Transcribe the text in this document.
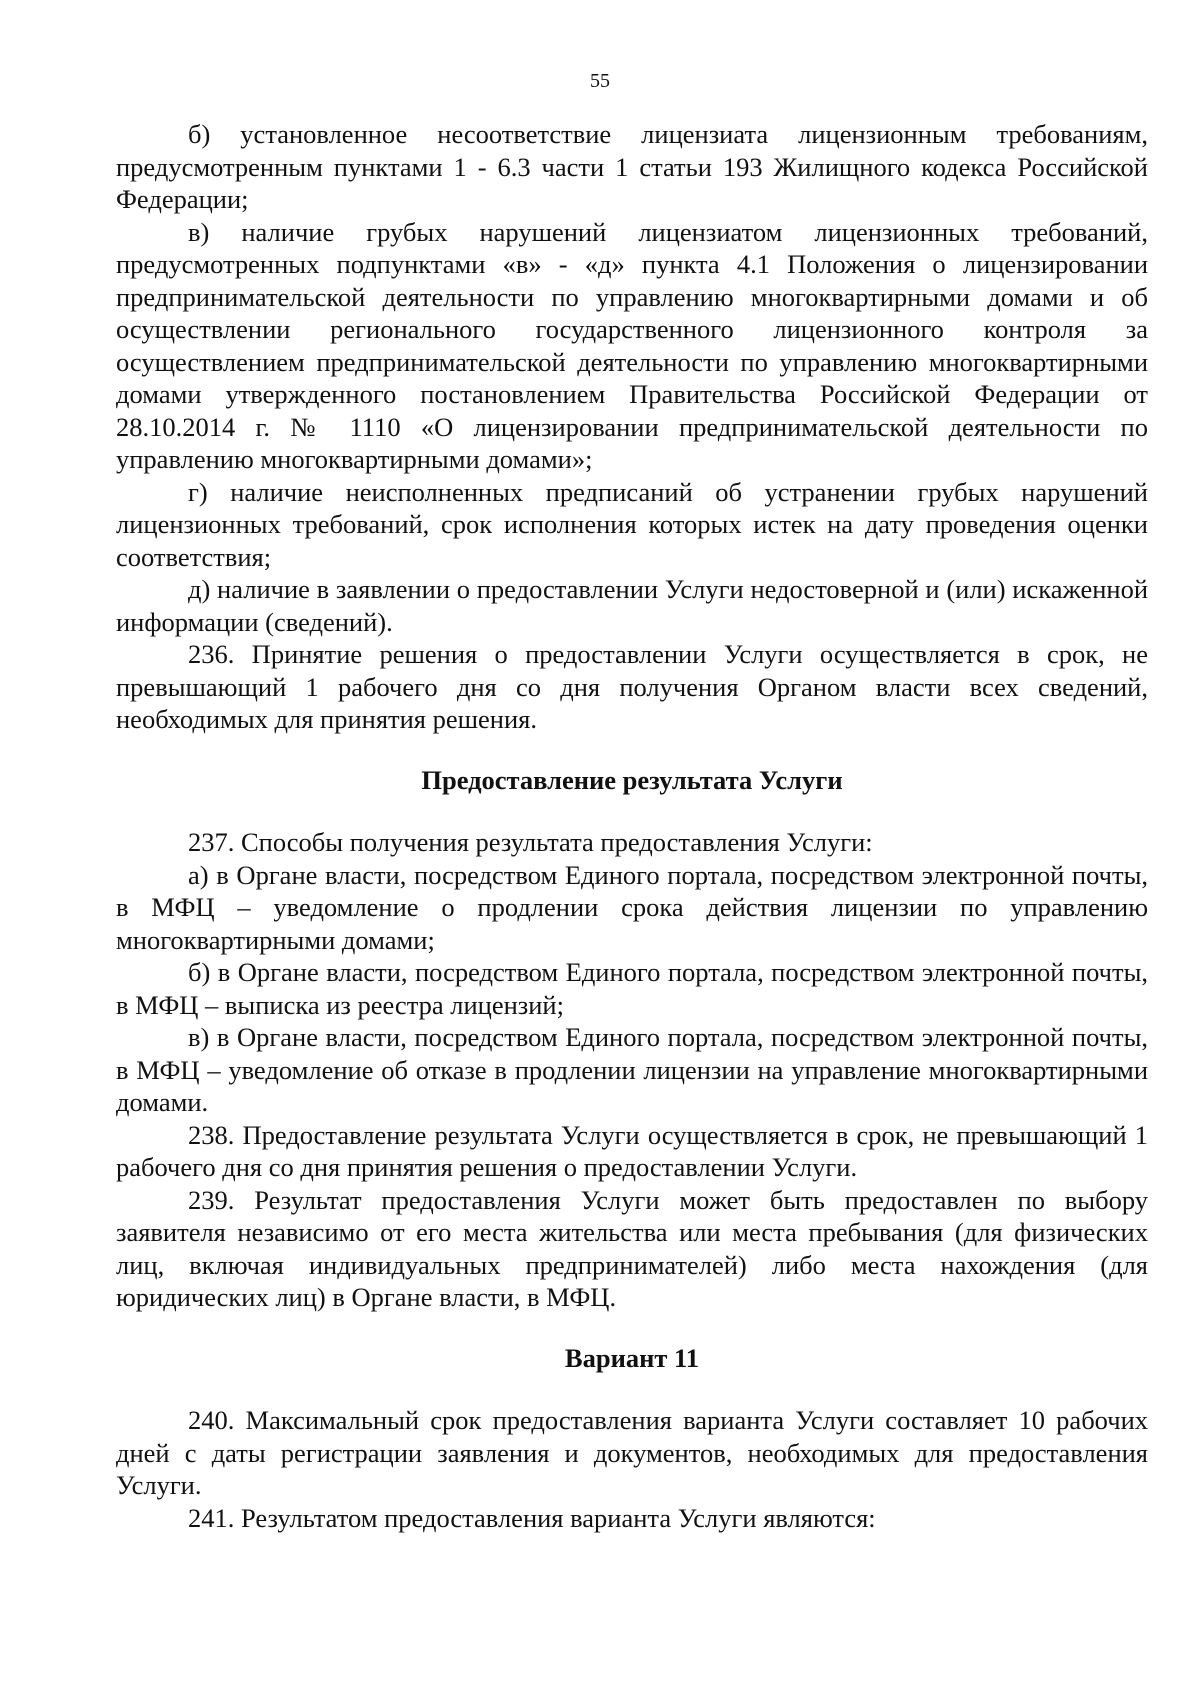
55

б) установленное несоответствие лицензиата лицензионным требованиям, предусмотренным пунктами 1 - 6.3 части 1 статьи 193 Жилищного кодекса Российской Федерации;

в) наличие грубых нарушений лицензиатом лицензионных требований, предусмотренных подпунктами «в» - «д» пункта 4.1 Положения о лицензировании предпринимательской деятельности по управлению многоквартирными домами и об осуществлении регионального государственного лицензионного контроля за осуществлением предпринимательской деятельности по управлению многоквартирными домами утвержденного постановлением Правительства Российской Федерации от 28.10.2014 г. № 1110 «О лицензировании предпринимательской деятельности по управлению многоквартирными домами»;

г) наличие неисполненных предписаний об устранении грубых нарушений лицензионных требований, срок исполнения которых истек на дату проведения оценки соответствия;

д) наличие в заявлении о предоставлении Услуги недостоверной и (или) искаженной информации (сведений).

236. Принятие решения о предоставлении Услуги осуществляется в срок, не превышающий 1 рабочего дня со дня получения Органом власти всех сведений, необходимых для принятия решения.

Предоставление результата Услуги

237. Способы получения результата предоставления Услуги:

а) в Органе власти, посредством Единого портала, посредством электронной почты, в МФЦ – уведомление о продлении срока действия лицензии по управлению многоквартирными домами;

б) в Органе власти, посредством Единого портала, посредством электронной почты, в МФЦ – выписка из реестра лицензий;

в) в Органе власти, посредством Единого портала, посредством электронной почты, в МФЦ – уведомление об отказе в продлении лицензии на управление многоквартирными домами.

238. Предоставление результата Услуги осуществляется в срок, не превышающий 1 рабочего дня со дня принятия решения о предоставлении Услуги.

239. Результат предоставления Услуги может быть предоставлен по выбору заявителя независимо от его места жительства или места пребывания (для физических лиц, включая индивидуальных предпринимателей) либо места нахождения (для юридических лиц) в Органе власти, в МФЦ.

Вариант 11

240. Максимальный срок предоставления варианта Услуги составляет 10 рабочих дней с даты регистрации заявления и документов, необходимых для предоставления Услуги.

241. Результатом предоставления варианта Услуги являются:
